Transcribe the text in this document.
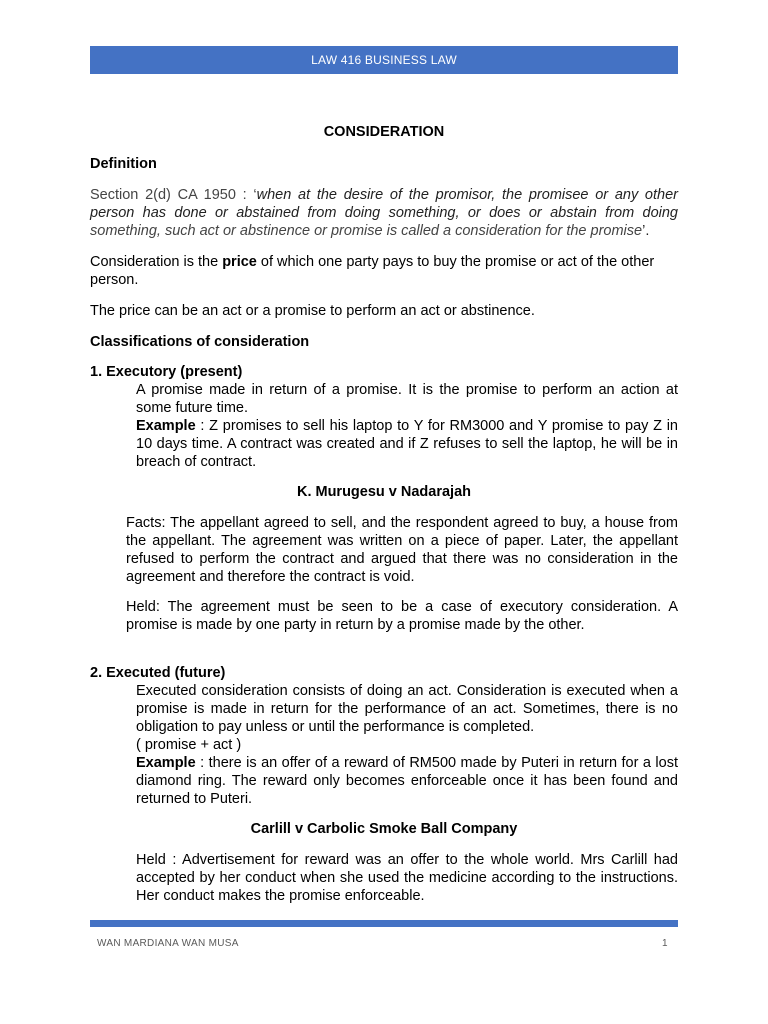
LAW 416 BUSINESS LAW
CONSIDERATION
Definition

Section 2(d) CA 1950 : ‘when at the desire of the promisor, the promisee or any other person has done or abstained from doing something, or does or abstain from doing something, such act or abstinence or promise is called a consideration for the promise’.

Consideration is the price of which one party pays to buy the promise or act of the other person.

The price can be an act or a promise to perform an act or abstinence.
Classifications of consideration
1. Executory (present)

A promise made in return of a promise. It is the promise to perform an action at some future time.

Example : Z promises to sell his laptop to Y for RM3000 and Y promise to pay Z in 10 days time. A contract was created and if Z refuses to sell the laptop, he will be in breach of contract.

K. Murugesu v Nadarajah
Facts: The appellant agreed to sell, and the respondent agreed to buy, a house from the appellant. The agreement was written on a piece of paper. Later, the appellant refused to perform the contract and argued that there was no consideration in the agreement and therefore the contract is void.
Held: The agreement must be seen to be a case of executory consideration. A promise is made by one party in return by a promise made by the other.
2. Executed (future)

Executed consideration consists of doing an act. Consideration is executed when a promise is made in return for the performance of an act. Sometimes, there is no obligation to pay unless or until the performance is completed.

( promise + act )

Example : there is an offer of a reward of RM500 made by Puteri in return for a lost diamond ring. The reward only becomes enforceable once it has been found and returned to Puteri.

Carlill v Carbolic Smoke Ball Company
Held : Advertisement for reward was an offer to the whole world. Mrs Carlill had accepted by her conduct when she used the medicine according to the instructions. Her conduct makes the promise enforceable.
WAN MARDIANA WAN MUSA	1
